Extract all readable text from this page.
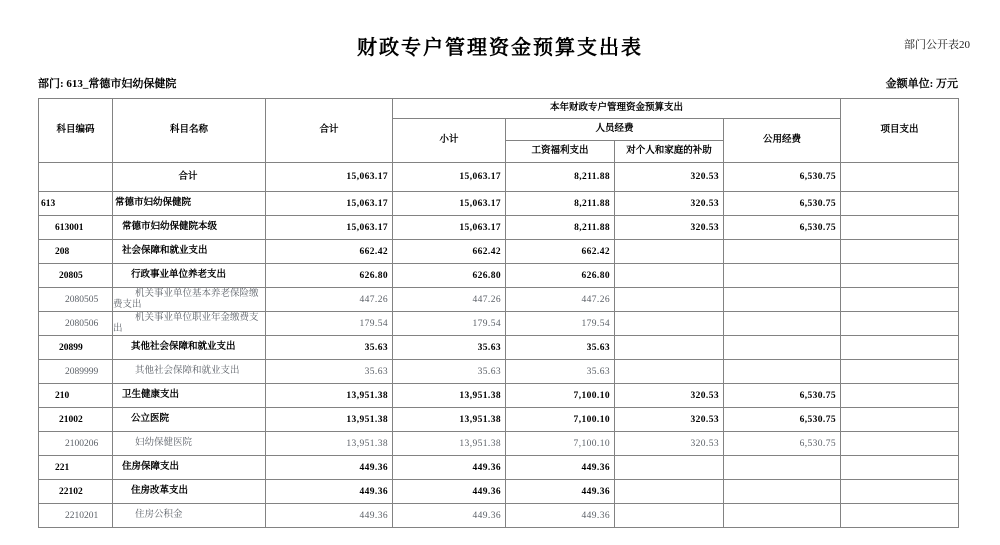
部门公开表20
财政专户管理资金预算支出表
部门: 613_常德市妇幼保健院	金额单位: 万元
科目编码	科目名称	合计	本年财政专户管理资金预算支出				项目支出
			小计	人员经费		公用经费	
				工资福利支出	对个人和家庭的补助		
	合计	15,063.17	15,063.17	8,211.88	320.53	6,530.75	
613	常德市妇幼保健院	15,063.17	15,063.17	8,211.88	320.53	6,530.75	
613001	常德市妇幼保健院本级	15,063.17	15,063.17	8,211.88	320.53	6,530.75	
208	社会保障和就业支出	662.42	662.42	662.42			
20805	行政事业单位养老支出	626.80	626.80	626.80			
2080505	机关事业单位基本养老保险缴费支出	447.26	447.26	447.26			
2080506	机关事业单位职业年金缴费支出	179.54	179.54	179.54			
20899	其他社会保障和就业支出	35.63	35.63	35.63			
2089999	其他社会保障和就业支出	35.63	35.63	35.63			
210	卫生健康支出	13,951.38	13,951.38	7,100.10	320.53	6,530.75	
21002	公立医院	13,951.38	13,951.38	7,100.10	320.53	6,530.75	
2100206	妇幼保健医院	13,951.38	13,951.38	7,100.10	320.53	6,530.75	
221	住房保障支出	449.36	449.36	449.36			
22102	住房改革支出	449.36	449.36	449.36			
2210201	住房公积金	449.36	449.36	449.36			
